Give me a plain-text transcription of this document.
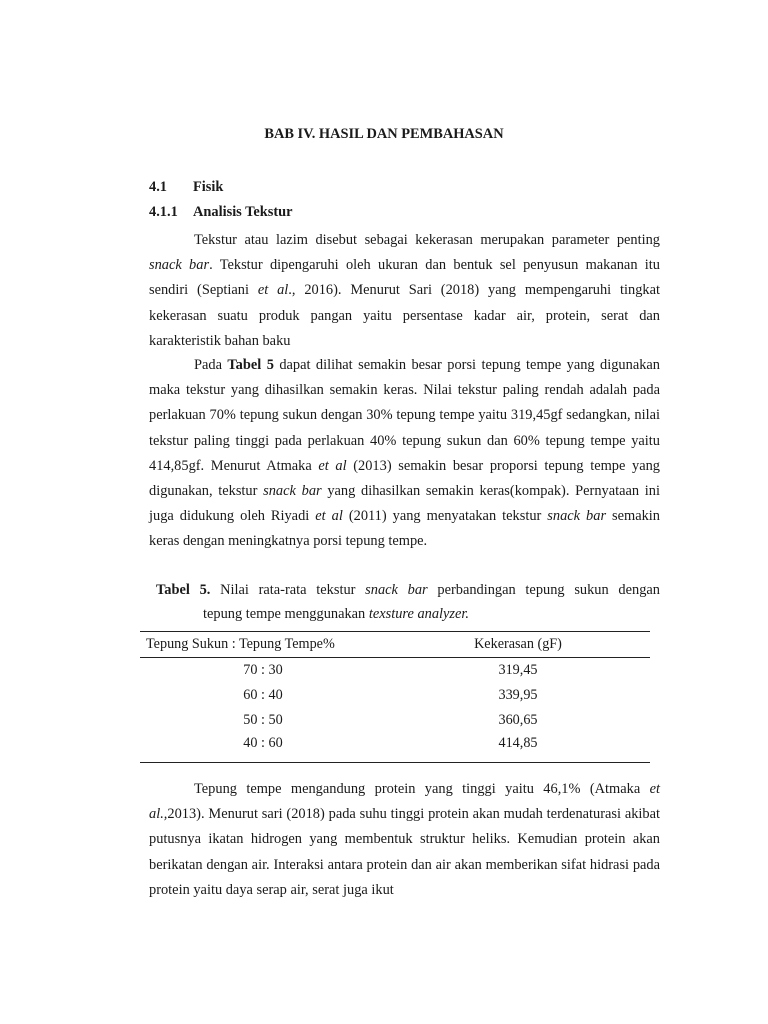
BAB IV. HASIL DAN PEMBAHASAN
4.1 Fisik
4.1.1 Analisis Tekstur

Tekstur atau lazim disebut sebagai kekerasan merupakan parameter penting snack bar. Tekstur dipengaruhi oleh ukuran dan bentuk sel penyusun makanan itu sendiri (Septiani et al., 2016). Menurut Sari (2018) yang mempengaruhi tingkat kekerasan suatu produk pangan yaitu persentase kadar air, protein, serat dan karakteristik bahan baku

Pada Tabel 5 dapat dilihat semakin besar porsi tepung tempe yang digunakan maka tekstur yang dihasilkan semakin keras. Nilai tekstur paling rendah adalah pada perlakuan 70% tepung sukun dengan 30% tepung tempe yaitu 319,45gf sedangkan, nilai tekstur paling tinggi pada perlakuan 40% tepung sukun dan 60% tepung tempe yaitu 414,85gf. Menurut Atmaka et al (2013) semakin besar proporsi tepung tempe yang digunakan, tekstur snack bar yang dihasilkan semakin keras(kompak). Pernyataan ini juga didukung oleh Riyadi et al (2011) yang menyatakan tekstur snack bar semakin keras dengan meningkatnya porsi tepung tempe.

Tabel 5. Nilai rata-rata tekstur snack bar perbandingan tepung sukun dengan
tepung tempe menggunakan texsture analyzer.
Tepung Sukun : Tepung Tempe%	Kekerasan (gF)
70 : 30	319,45
60 : 40	339,95
50 : 50	360,65
40 : 60	414,85

Tepung tempe mengandung protein yang tinggi yaitu 46,1% (Atmaka et al.,2013). Menurut sari (2018) pada suhu tinggi protein akan mudah terdenaturasi akibat putusnya ikatan hidrogen yang membentuk struktur heliks. Kemudian protein akan berikatan dengan air. Interaksi antara protein dan air akan memberikan sifat hidrasi pada protein yaitu daya serap air, serat juga ikut
